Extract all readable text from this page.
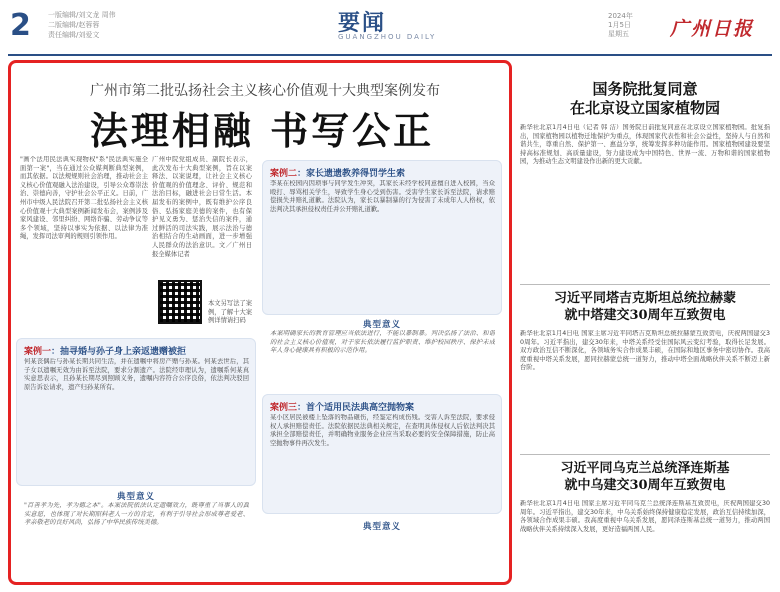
2 一版编辑/刘文龙 周伟
二版编辑/赵蓉蓉
责任编辑/刘爱文	要闻
GUANGZHOU DAILY
2024年
1月5日
星期五	广州日报
广州市第二批弘扬社会主义核心价值观十大典型案例发布
法理相融 书写公正
"画个法用民法典实现物权"系"民法典实施全面第一案"，当在通过公众媒判断典型案例，而其依据。以法规规则社会治理，推动社会主义核心价值观融入法治建设，引导公众尊崇法治、崇德向善，守护社会公平正义。日前，广州市中级人民法院召开第二批弘扬社会主义核心价值观十大典型案例新闻发布会，案例涉及家风建设、邻里纠纷、网络诈骗、劳动争议等多个领域，坚持以事实为依据、以法律为准绳，发挥司法审判的规则引领作用。
广州中院党组成员、副院长表示，此次发布十大典型案例，旨在以案释法、以案说理，让社会主义核心价值观的价值理念、评价、规范和法治目标，融进社会日常生活。本届发布的案例中，既有维护公序良俗、弘扬家庭美德的案件，也有保护见义勇为、惩治失信的案件，通过鲜活的司法实践，展示法治与德治相结合的生动画面，进一步增强人民群众的法治意识。文／广州日报全媒体记者
本文另写法了案例，了解十大案例详情请扫码
案例二：家长遗遗教养得罚学生索
李某在校园内因琐事与同学发生冲突，其家长未经学校同意擅自进入校园，当众殴打、辱骂相关学生，导致学生身心受到伤害。受害学生家长诉至法院，请求赔偿损失并赔礼道歉。法院认为，家长以暴制暴的行为侵害了未成年人人格权，依法判决其承担侵权责任并公开赔礼道歉。
典型意义
本案明确家长的教育管理应当依法进行，不能以暴制暴。判决弘扬了法治、和谐的社会主义核心价值观，对于家长依法履行监护职责、维护校园秩序、保护未成年人身心健康具有积极的示范作用。
案例一：抽寻婚与孙子身上亲返遗赠被拒
何某丧偶后与孙某长期共同生活，并在遗嘱中将房产赠与孙某。何某去世后，其子女以遗嘱无效为由诉至法院，要求分割遗产。法院经审理认为，遗嘱系何某真实意思表示，且孙某长期尽到照顾义务，遗嘱内容符合公序良俗，依法判决驳回原告诉讼请求，遗产归孙某所有。
典型意义
"百善孝为先，孝为德之本"。本案法院依法认定遗嘱效力，既尊重了当事人的真实意愿，也体现了对长期照料老人一方的肯定，有利于引导社会形成尊老爱老、孝亲敬老的良好风尚，弘扬了中华民族传统美德。
案例三：首个适用民法典高空抛物案
某小区居民被楼上坠落的物品砸伤，经鉴定构成伤残。受害人诉至法院，要求侵权人承担赔偿责任。法院依据民法典相关规定，在查明具体侵权人后依法判决其承担全部赔偿责任，并明确物业服务企业应当采取必要的安全保障措施，防止高空抛物事件再次发生。
典型意义
国务院批复同意
在北京设立国家植物园
新华社北京1月4日电（记者 韩 洁）国务院日前批复同意在北京设立国家植物园。批复指出，国家植物园以植物迁地保护为重点，体现国家代表性和社会公益性，坚持人与自然和谐共生，尊重自然、保护第一、惠益分享，统筹发挥多种功能作用。国家植物园建设要坚持高标准规划、高质量建设，努力建设成为中国特色、世界一流、万物和谐的国家植物园，为推动生态文明建设作出新的更大贡献。
习近平同塔吉克斯坦总统拉赫蒙
就中塔建交30周年互致贺电
新华社北京1月4日电 国家主席习近平同塔吉克斯坦总统拉赫蒙互致贺电，庆祝两国建交30周年。习近平指出，建交30年来，中塔关系经受住国际风云变幻考验，取得长足发展。双方政治互信不断深化，各领域务实合作成果丰硕，在国际和地区事务中密切协作。我高度重视中塔关系发展，愿同拉赫蒙总统一道努力，推动中塔全面战略伙伴关系不断迈上新台阶。
习近平同乌克兰总统泽连斯基
就中乌建交30周年互致贺电
新华社北京1月4日电 国家主席习近平同乌克兰总统泽连斯基互致贺电，庆祝两国建交30周年。习近平指出，建交30年来，中乌关系始终保持健康稳定发展，政治互信持续加深，各领域合作成果丰硕。我高度重视中乌关系发展，愿同泽连斯基总统一道努力，推动两国战略伙伴关系持续深入发展，更好造福两国人民。
